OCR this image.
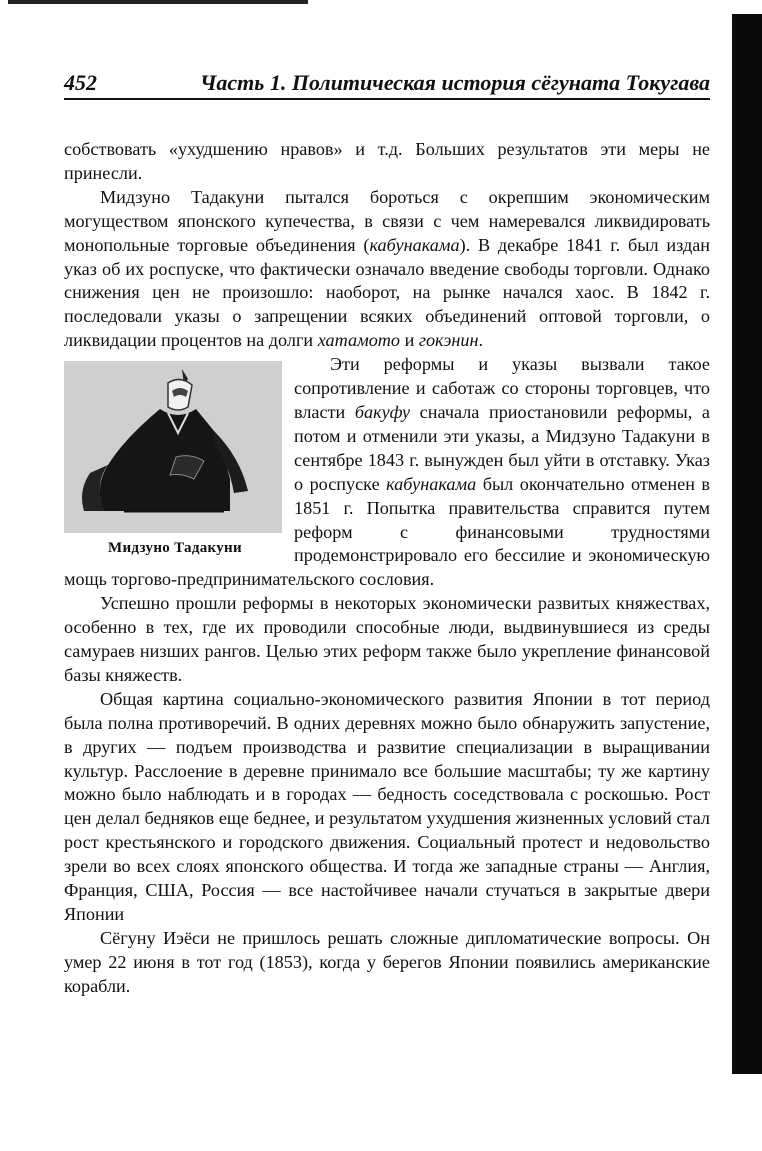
452	Часть 1. Политическая история сёгуната Токугава

собствовать «ухудшению нравов» и т.д. Больших результатов эти меры не принесли.

Мидзуно Тадакуни пытался бороться с окрепшим экономическим могуществом японского купечества, в связи с чем намеревался ликвидировать монопольные торговые объединения (кабунакама). В декабре 1841 г. был издан указ об их роспуске, что фактически означало введение свободы торговли. Однако снижения цен не произошло: наоборот, на рынке начался хаос. В 1842 г. последовали указы о запрещении всяких объединений оптовой торговли, о ликвидации процентов на долги хатамото и гокэнин.

Мидзуно Тадакуни

Эти реформы и указы вызвали такое сопротивление и саботаж со стороны торговцев, что власти бакуфу сначала приостановили реформы, а потом и отменили эти указы, а Мидзуно Тадакуни в сентябре 1843 г. вынужден был уйти в отставку. Указ о роспуске кабунакама был окончательно отменен в 1851 г. Попытка правительства справится путем реформ с финансовыми трудностями продемонстрировало его бессилие и экономическую мощь торгово-предпринимательского сословия.

Успешно прошли реформы в некоторых экономически развитых княжествах, особенно в тех, где их проводили способные люди, выдвинувшиеся из среды самураев низших рангов. Целью этих реформ также было укрепление финансовой базы княжеств.

Общая картина социально-экономического развития Японии в тот период была полна противоречий. В одних деревнях можно было обнаружить запустение, в других — подъем производства и развитие специализации в выращивании культур. Расслоение в деревне принимало все большие масштабы; ту же картину можно было наблюдать и в городах — бедность соседствовала с роскошью. Рост цен делал бедняков еще беднее, и результатом ухудшения жизненных условий стал рост крестьянского и городского движения. Социальный протест и недовольство зрели во всех слоях японского общества. И тогда же западные страны — Англия, Франция, США, Россия — все настойчивее начали стучаться в закрытые двери Японии

Сёгуну Иэёси не пришлось решать сложные дипломатические вопросы. Он умер 22 июня в тот год (1853), когда у берегов Японии появились американские корабли.
